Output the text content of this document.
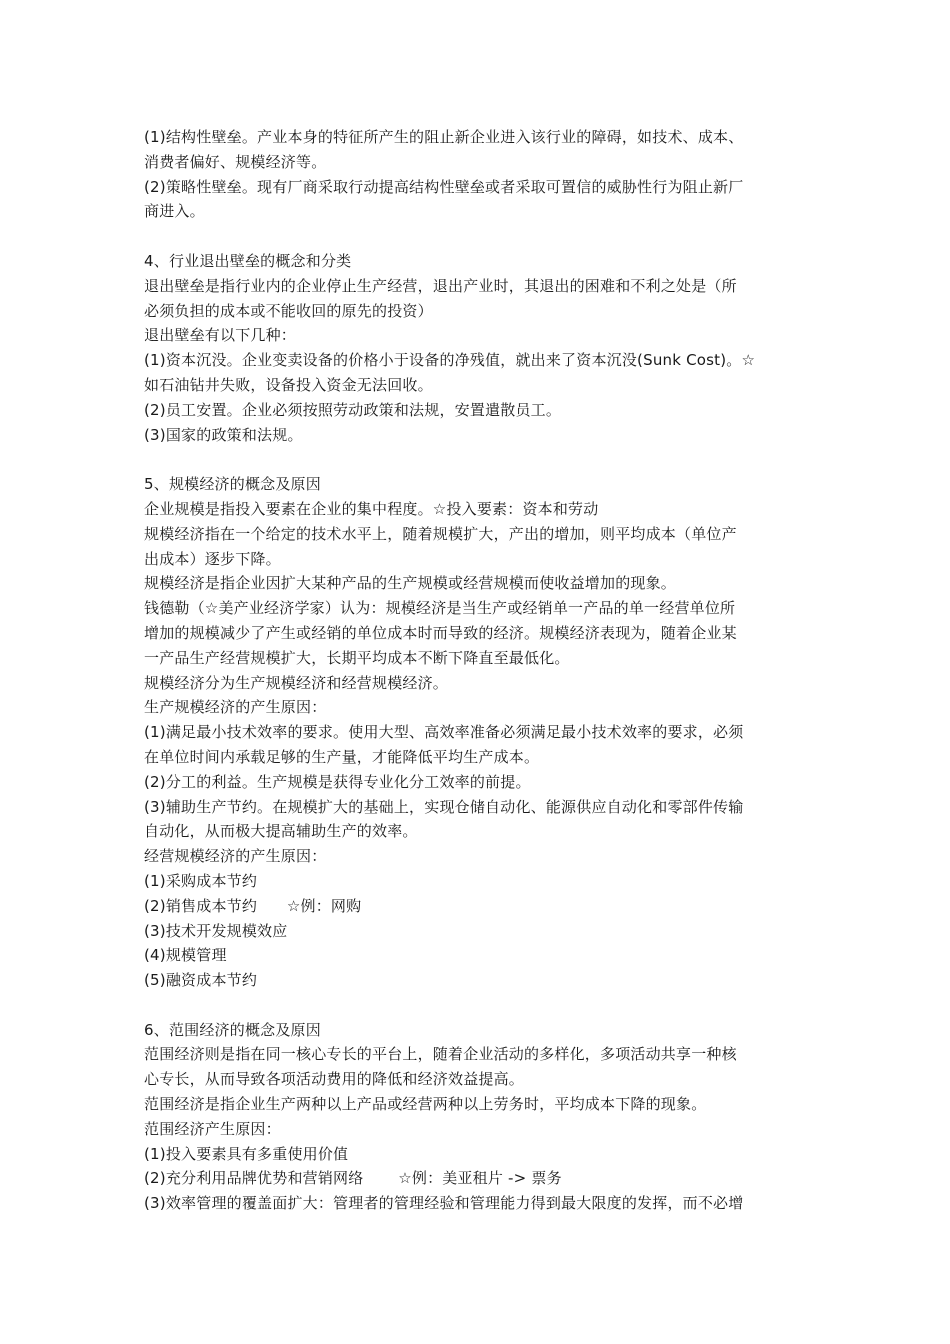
(1)结构性壁垒。产业本身的特征所产生的阻止新企业进入该行业的障碍，如技术、成本、
消费者偏好、规模经济等。
(2)策略性壁垒。现有厂商采取行动提高结构性壁垒或者采取可置信的威胁性行为阻止新厂
商进入。
4、行业退出壁垒的概念和分类
退出壁垒是指行业内的企业停止生产经营，退出产业时，其退出的困难和不利之处是（所
必须负担的成本或不能收回的原先的投资）
退出壁垒有以下几种：
(1)资本沉没。企业变卖设备的价格小于设备的净残值，就出来了资本沉没(Sunk Cost)。☆
如石油钻井失败，设备投入资金无法回收。
(2)员工安置。企业必须按照劳动政策和法规，安置遣散员工。
(3)国家的政策和法规。
5、规模经济的概念及原因
企业规模是指投入要素在企业的集中程度。☆投入要素：资本和劳动
规模经济指在一个给定的技术水平上，随着规模扩大，产出的增加，则平均成本（单位产
出成本）逐步下降。
规模经济是指企业因扩大某种产品的生产规模或经营规模而使收益增加的现象。
钱德勒（☆美产业经济学家）认为：规模经济是当生产或经销单一产品的单一经营单位所
增加的规模减少了产生或经销的单位成本时而导致的经济。规模经济表现为，随着企业某
一产品生产经营规模扩大，长期平均成本不断下降直至最低化。
规模经济分为生产规模经济和经营规模经济。
生产规模经济的产生原因：
(1)满足最小技术效率的要求。使用大型、高效率准备必须满足最小技术效率的要求，必须
在单位时间内承载足够的生产量，才能降低平均生产成本。
(2)分工的利益。生产规模是获得专业化分工效率的前提。
(3)辅助生产节约。在规模扩大的基础上，实现仓储自动化、能源供应自动化和零部件传输
自动化，从而极大提高辅助生产的效率。
经营规模经济的产生原因：
(1)采购成本节约
(2)销售成本节约      ☆例：网购
(3)技术开发规模效应
(4)规模管理
(5)融资成本节约
6、范围经济的概念及原因
范围经济则是指在同一核心专长的平台上，随着企业活动的多样化，多项活动共享一种核
心专长，从而导致各项活动费用的降低和经济效益提高。
范围经济是指企业生产两种以上产品或经营两种以上劳务时，平均成本下降的现象。
范围经济产生原因：
(1)投入要素具有多重使用价值
(2)充分利用品牌优势和营销网络       ☆例：美亚租片 -> 票务
(3)效率管理的覆盖面扩大：管理者的管理经验和管理能力得到最大限度的发挥，而不必增
